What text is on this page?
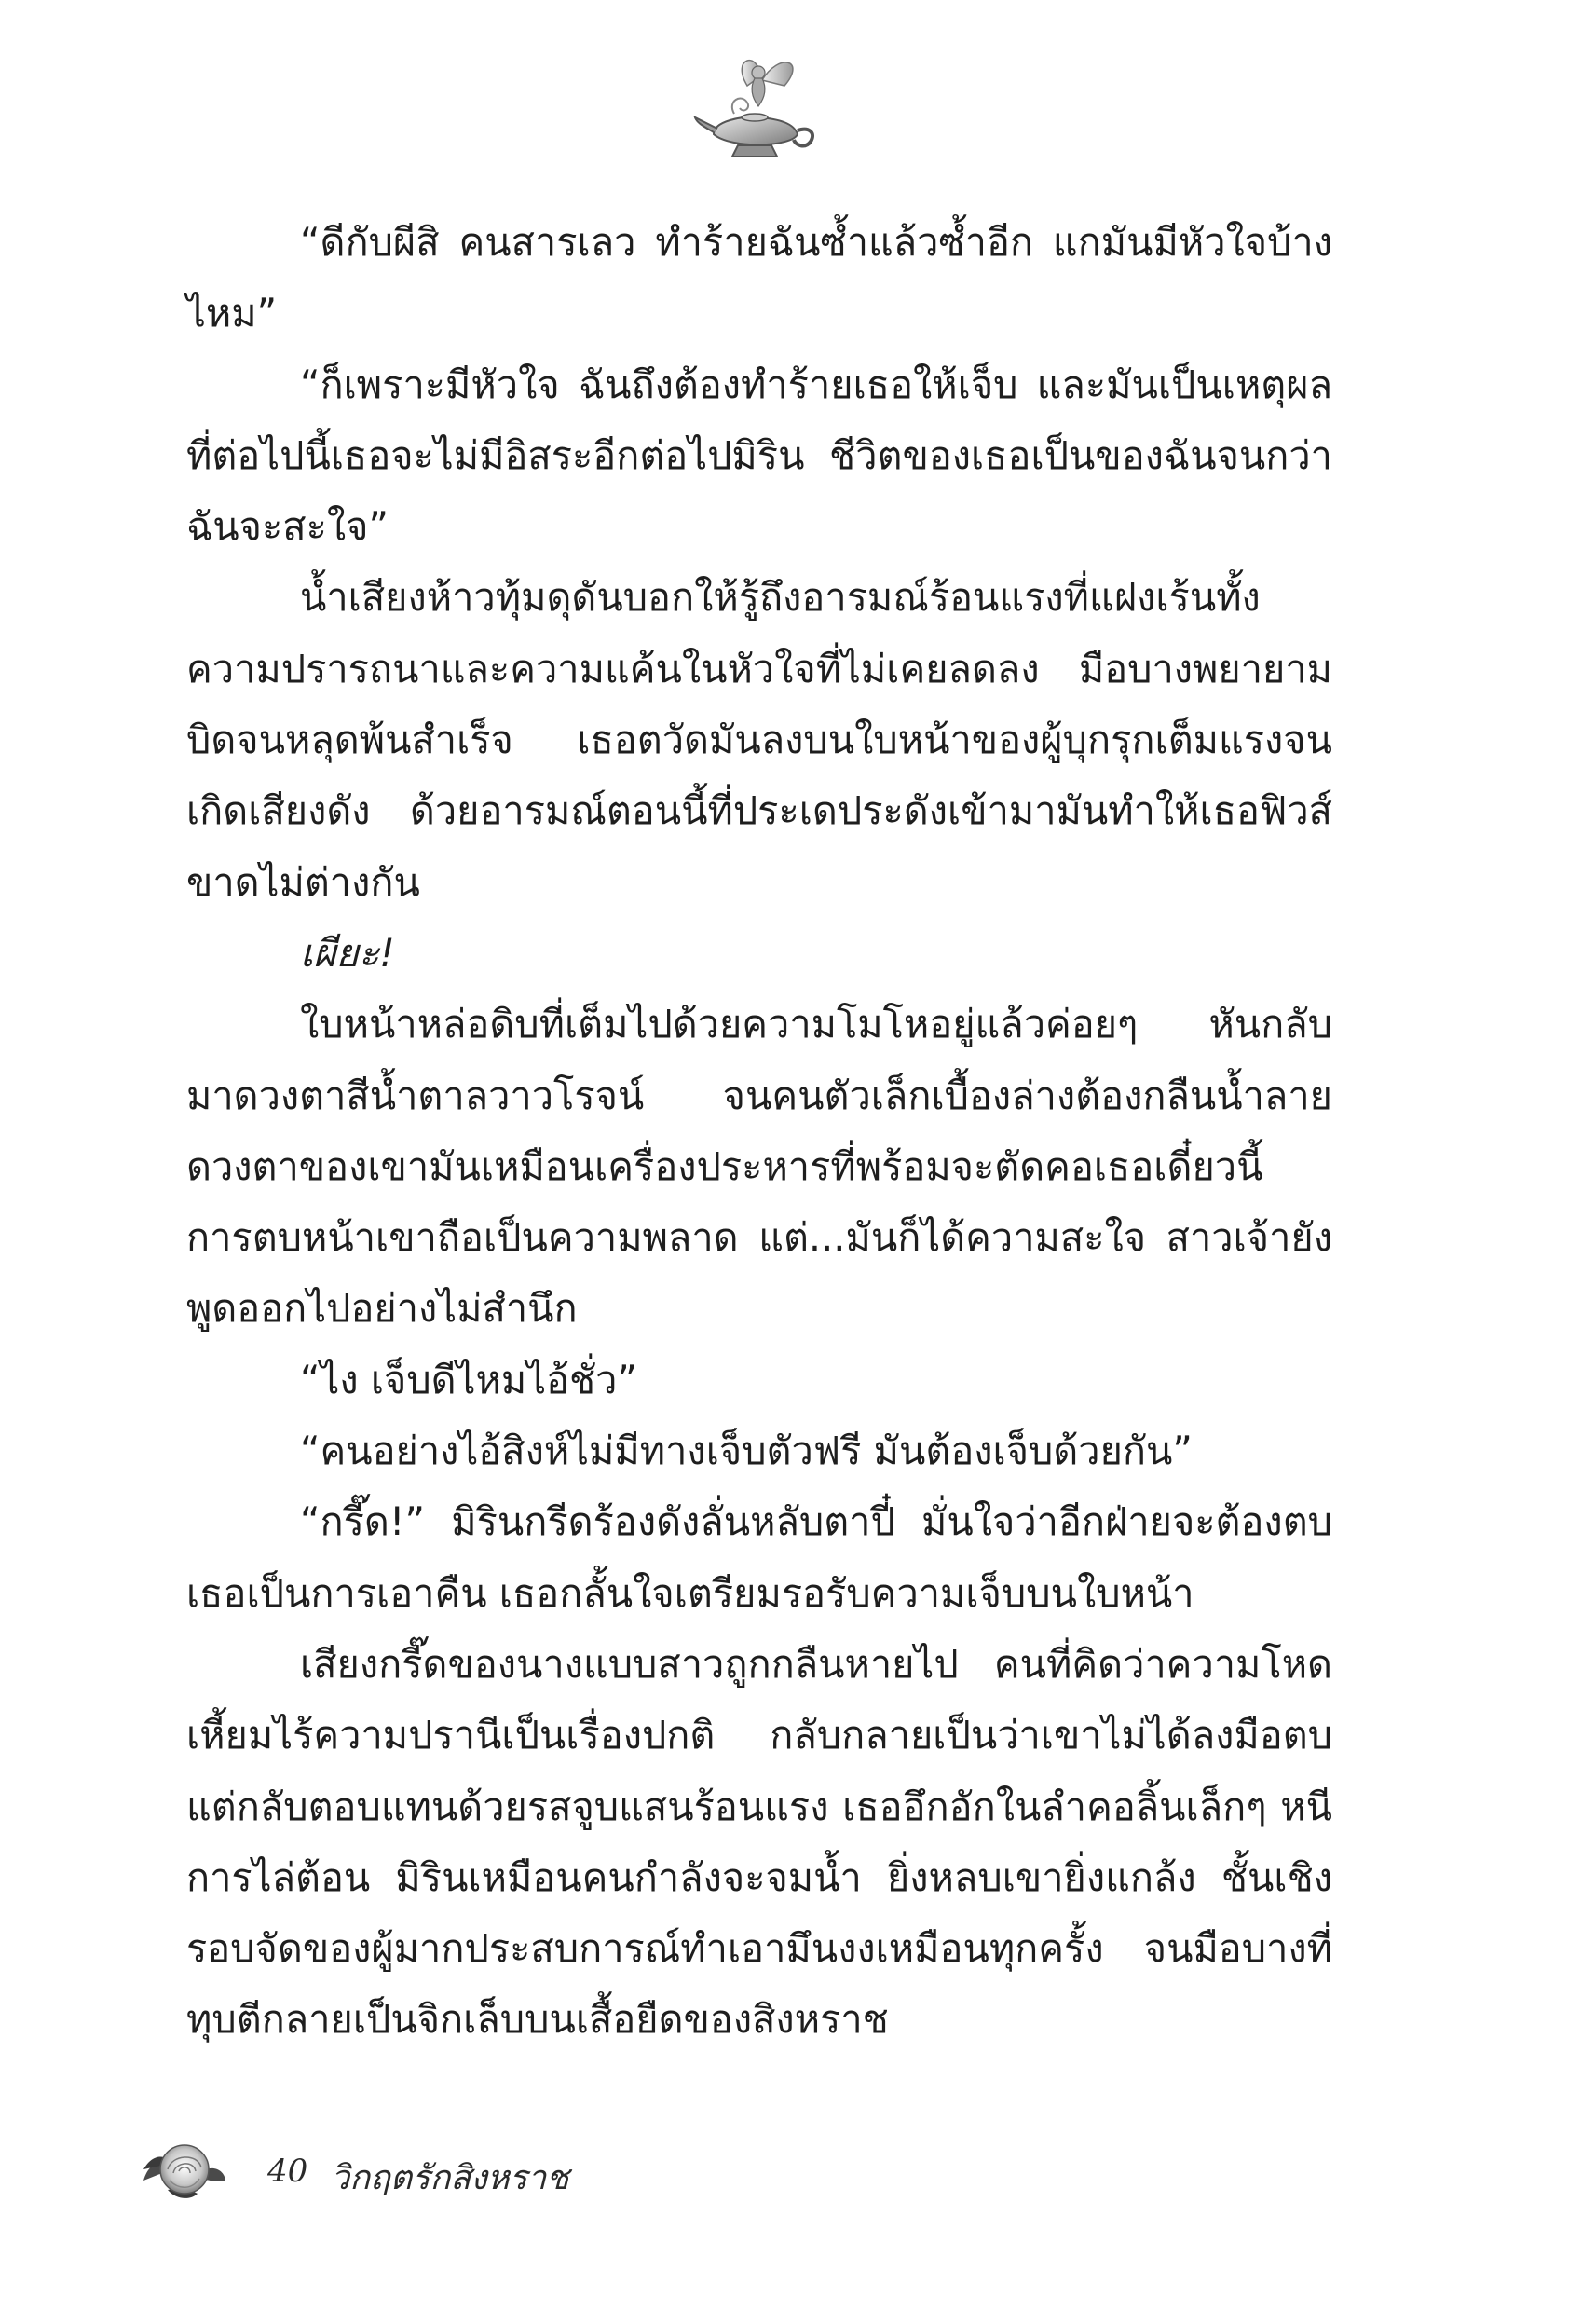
“ดีกับผีสิ คนสารเลว ทำร้ายฉันซ้ำแล้วซ้ำอีก แกมันมีหัวใจบ้างไหม”

“ก็เพราะมีหัวใจ ฉันถึงต้องทำร้ายเธอให้เจ็บ และมันเป็นเหตุผลที่ต่อไปนี้เธอจะไม่มีอิสระอีกต่อไปมิริน ชีวิตของเธอเป็นของฉันจนกว่าฉันจะสะใจ”

น้ำเสียงห้าวทุ้มดุดันบอกให้รู้ถึงอารมณ์ร้อนแรงที่แฝงเร้นทั้งความปรารถนาและความแค้นในหัวใจที่ไม่เคยลดลง มือบางพยายามบิดจนหลุดพ้นสำเร็จ เธอตวัดมันลงบนใบหน้าของผู้บุกรุกเต็มแรงจนเกิดเสียงดัง ด้วยอารมณ์ตอนนี้ที่ประเดประดังเข้ามามันทำให้เธอฟิวส์ขาดไม่ต่างกัน

เผียะ!

ใบหน้าหล่อดิบที่เต็มไปด้วยความโมโหอยู่แล้วค่อยๆ หันกลับมาดวงตาสีน้ำตาลวาวโรจน์ จนคนตัวเล็กเบื้องล่างต้องกลืนน้ำลาย ดวงตาของเขามันเหมือนเครื่องประหารที่พร้อมจะตัดคอเธอเดี๋ยวนี้ การตบหน้าเขาถือเป็นความพลาด แต่...มันก็ได้ความสะใจ สาวเจ้ายังพูดออกไปอย่างไม่สำนึก

“ไง เจ็บดีไหมไอ้ชั่ว”

“คนอย่างไอ้สิงห์ไม่มีทางเจ็บตัวฟรี มันต้องเจ็บด้วยกัน”

“กรี๊ด!” มิรินกรีดร้องดังลั่นหลับตาปี๋ มั่นใจว่าอีกฝ่ายจะต้องตบเธอเป็นการเอาคืน เธอกลั้นใจเตรียมรอรับความเจ็บบนใบหน้า

เสียงกรี๊ดของนางแบบสาวถูกกลืนหายไป คนที่คิดว่าความโหดเหี้ยมไร้ความปรานีเป็นเรื่องปกติ กลับกลายเป็นว่าเขาไม่ได้ลงมือตบ แต่กลับตอบแทนด้วยรสจูบแสนร้อนแรง เธออึกอักในลำคอลิ้นเล็กๆ หนีการไล่ต้อน มิรินเหมือนคนกำลังจะจมน้ำ ยิ่งหลบเขายิ่งแกล้ง ชั้นเชิงรอบจัดของผู้มากประสบการณ์ทำเอามึนงงเหมือนทุกครั้ง จนมือบางที่ทุบตีกลายเป็นจิกเล็บบนเสื้อยืดของสิงหราช

40 วิกฤตรักสิงหราช
